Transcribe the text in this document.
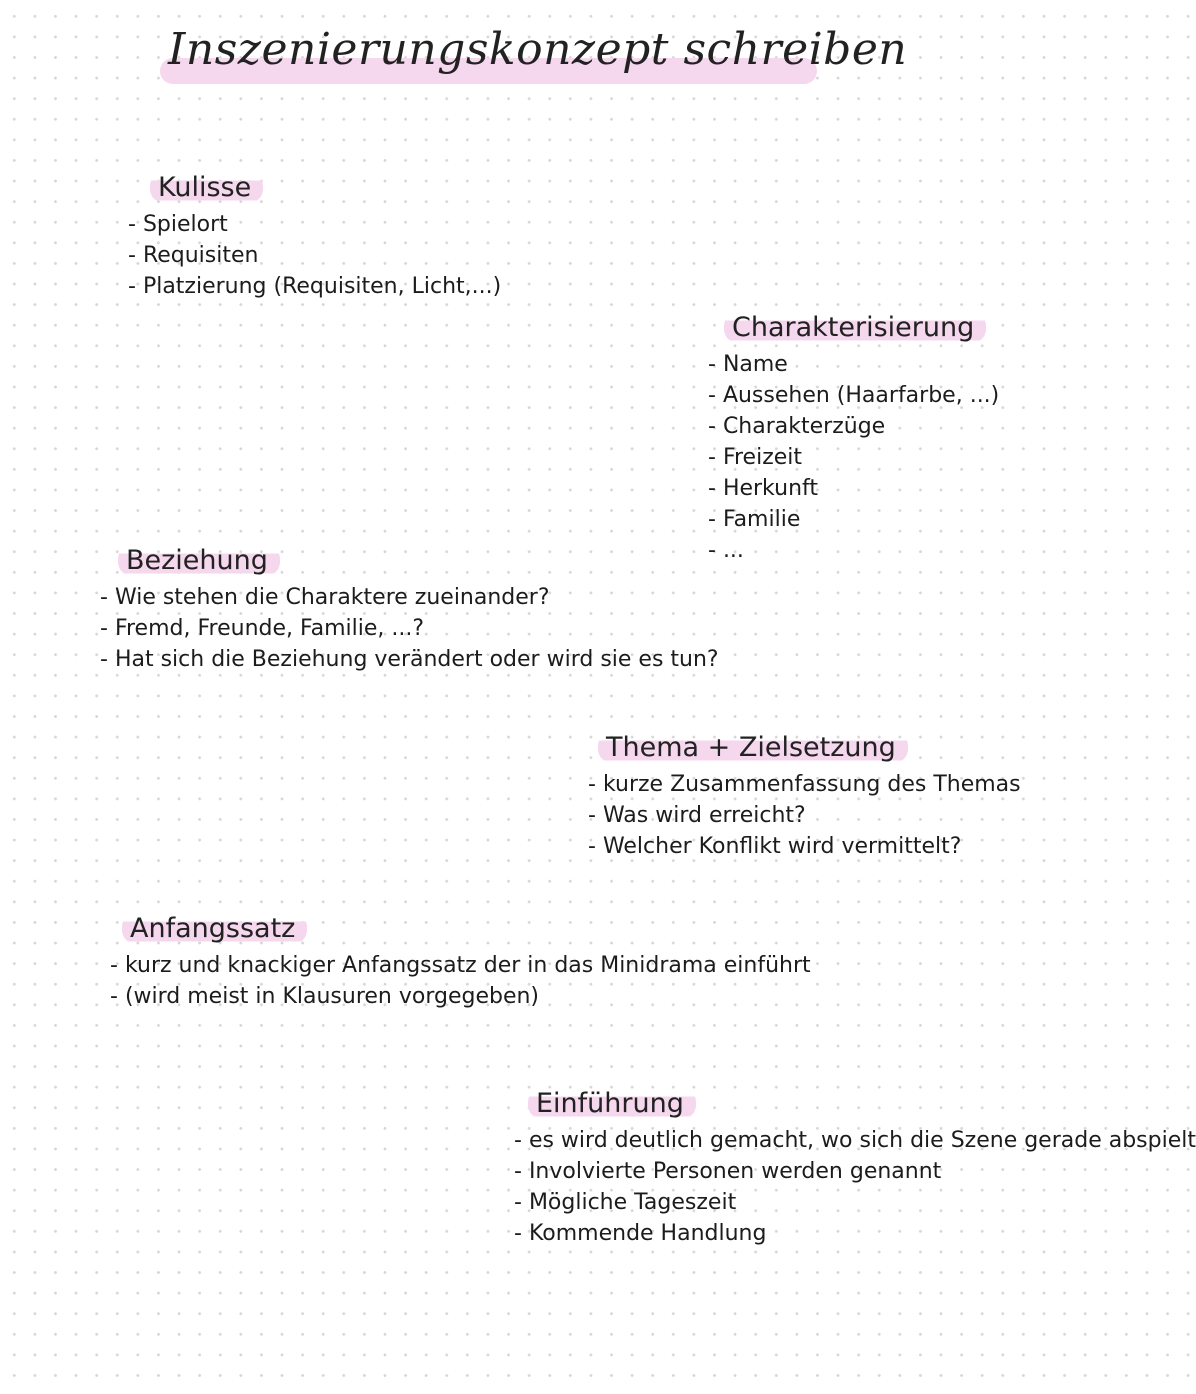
Inszenierungskonzept schreiben
Kulisse
- Spielort
- Requisiten
- Platzierung (Requisiten, Licht,...)
Charakterisierung
- Name
- Aussehen (Haarfarbe, ...)
- Charakterzüge
- Freizeit
- Herkunft
- Familie
- ...
Beziehung
- Wie stehen die Charaktere zueinander?
- Fremd, Freunde, Familie, ...?
- Hat sich die Beziehung verändert oder wird sie es tun?
Thema + Zielsetzung
- kurze Zusammenfassung des Themas
- Was wird erreicht?
- Welcher Konflikt wird vermittelt?
Anfangssatz
- kurz und knackiger Anfangssatz der in das Minidrama einführt
- (wird meist in Klausuren vorgegeben)
Einführung
- es wird deutlich gemacht, wo sich die Szene gerade abspielt
- Involvierte Personen werden genannt
- Mögliche Tageszeit
- Kommende Handlung
